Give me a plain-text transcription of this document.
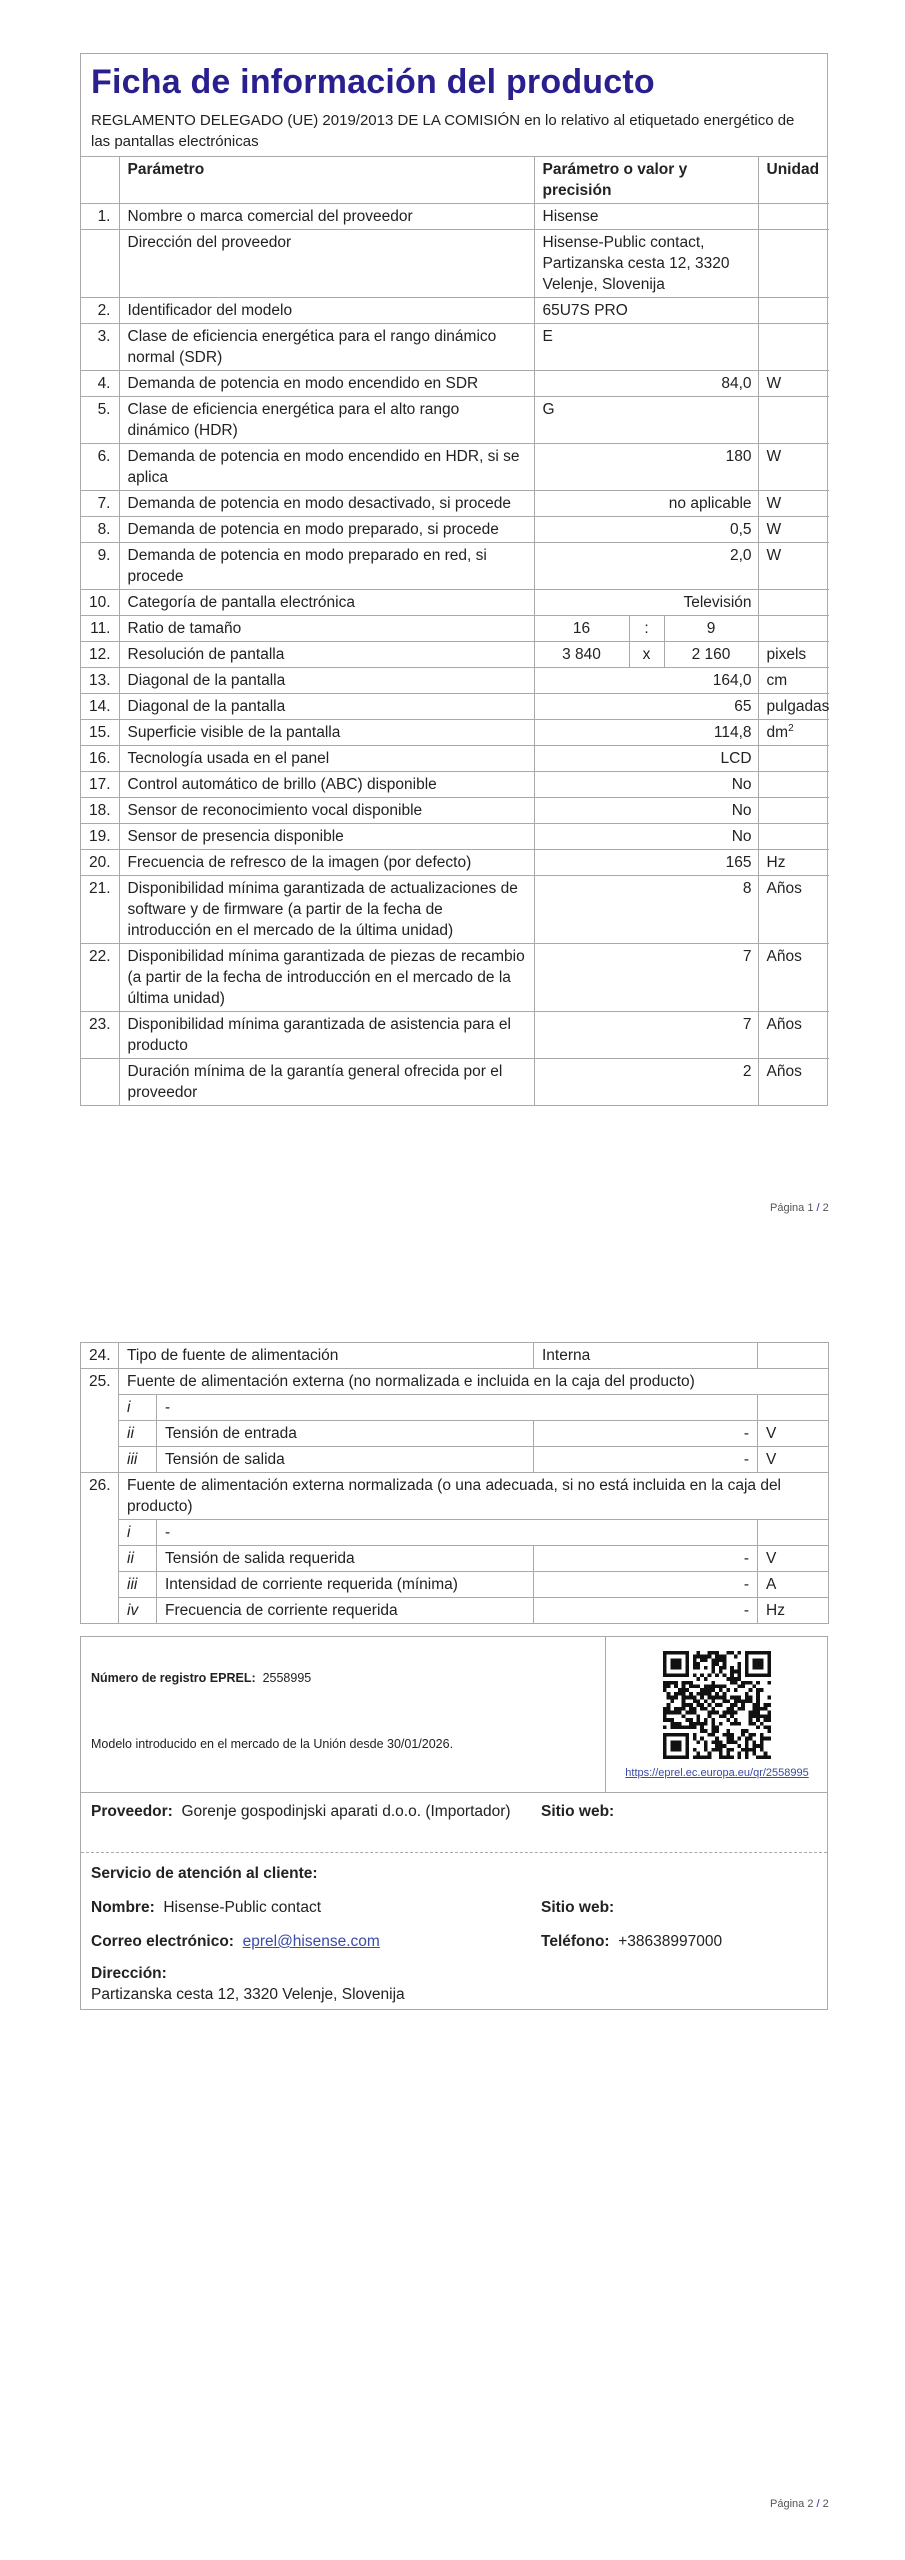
Ficha de información del producto
REGLAMENTO DELEGADO (UE) 2019/2013 DE LA COMISIÓN en lo relativo al etiquetado energético de las pantallas electrónicas
	Parámetro	Parámetro o valor y precisión			Unidad
1.	Nombre o marca comercial del proveedor	Hisense			
	Dirección del proveedor	Hisense-Public contact, Partizanska cesta 12, 3320 Velenje, Slovenija			
2.	Identificador del modelo	65U7S PRO			
3.	Clase de eficiencia energética para el rango dinámico normal (SDR)	E			
4.	Demanda de potencia en modo encendido en SDR	84,0			W
5.	Clase de eficiencia energética para el alto rango dinámico (HDR)	G			
6.	Demanda de potencia en modo encendido en HDR, si se aplica	180			W
7.	Demanda de potencia en modo desactivado, si procede	no aplicable			W
8.	Demanda de potencia en modo preparado, si procede	0,5			W
9.	Demanda de potencia en modo preparado en red, si procede	2,0			W
10.	Categoría de pantalla electrónica	Televisión			
11.	Ratio de tamaño	16	:	9	
12.	Resolución de pantalla	3 840	x	2 160	pixels
13.	Diagonal de la pantalla	164,0			cm
14.	Diagonal de la pantalla	65			pulgadas
15.	Superficie visible de la pantalla	114,8			$dm^2$
16.	Tecnología usada en el panel	LCD			
17.	Control automático de brillo (ABC) disponible	No			
18.	Sensor de reconocimiento vocal disponible	No			
19.	Sensor de presencia disponible	No			
20.	Frecuencia de refresco de la imagen (por defecto)	165			Hz
21.	Disponibilidad mínima garantizada de actualizaciones de software y de firmware (a partir de la fecha de introducción en el mercado de la última unidad)	8			Años
22.	Disponibilidad mínima garantizada de piezas de recambio (a partir de la fecha de introducción en el mercado de la última unidad)	7			Años
23.	Disponibilidad mínima garantizada de asistencia para el producto	7			Años
	Duración mínima de la garantía general ofrecida por el proveedor	2			Años
Página 1 / 2
24.	Tipo de fuente de alimentación		Interna	
25.	Fuente de alimentación externa (no normalizada e incluida en la caja del producto)			
	i	-		
	ii	Tensión de entrada	-	V
	iii	Tensión de salida	-	V
26.	Fuente de alimentación externa normalizada (o una adecuada, si no está incluida en la caja del producto)			
	i	-		
	ii	Tensión de salida requerida	-	V
	iii	Intensidad de corriente requerida (mínima)	-	A
	iv	Frecuencia de corriente requerida	-	Hz
Número de registro EPREL: 2558995
Modelo introducido en el mercado de la Unión desde 30/01/2026.
https://eprel.ec.europa.eu/qr/2558995
Proveedor: Gorenje gospodinjski aparati d.o.o. (Importador)	Sitio web:
Servicio de atención al cliente:
Nombre: Hisense-Public contact	Sitio web:
Correo electrónico: eprel@hisense.com	Teléfono: +38638997000
Dirección:
Partizanska cesta 12, 3320 Velenje, Slovenija
Página 2 / 2
